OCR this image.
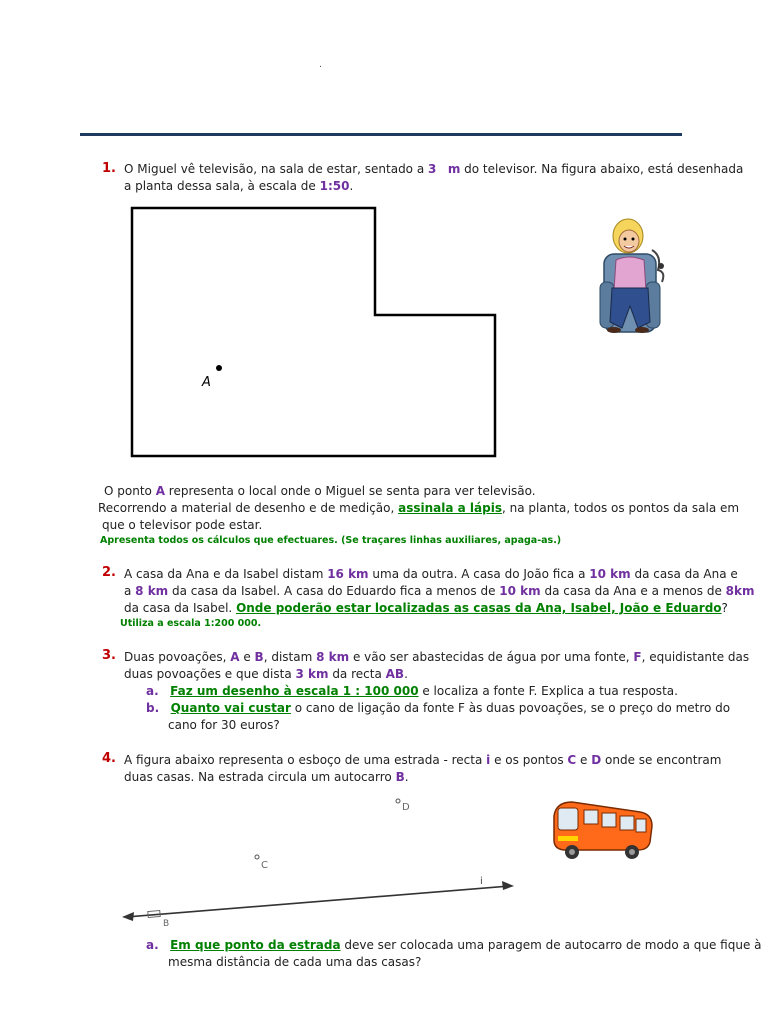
.
1. O Miguel vê televisão, na sala de estar, sentado a 3 m do televisor. Na figura abaixo, está desenhada
a planta dessa sala, à escala de 1:50.
A
O ponto A representa o local onde o Miguel se senta para ver televisão.
Recorrendo a material de desenho e de medição, assinala a lápis, na planta, todos os pontos da sala em
que o televisor pode estar.
Apresenta todos os cálculos que efectuares. (Se traçares linhas auxiliares, apaga-as.)
2. A casa da Ana e da Isabel distam 16 km uma da outra. A casa do João fica a 10 km da casa da Ana e
a 8 km da casa da Isabel. A casa do Eduardo fica a menos de 10 km da casa da Ana e a menos de 8km
da casa da Isabel. Onde poderão estar localizadas as casas da Ana, Isabel, João e Eduardo?
Utiliza a escala 1:200 000.
3. Duas povoações, A e B, distam 8 km e vão ser abastecidas de água por uma fonte, F, equidistante das
duas povoações e que dista 3 km da recta AB.
a. Faz um desenho à escala 1 : 100 000 e localiza a fonte F. Explica a tua resposta.
b. Quanto vai custar o cano de ligação da fonte F às duas povoações, se o preço do metro do
cano for 30 euros?
4. A figura abaixo representa o esboço de uma estrada - recta i e os pontos C e D onde se encontram
duas casas. Na estrada circula um autocarro B.
D
C
i
B
a. Em que ponto da estrada deve ser colocada uma paragem de autocarro de modo a que fique à
mesma distância de cada uma das casas?
